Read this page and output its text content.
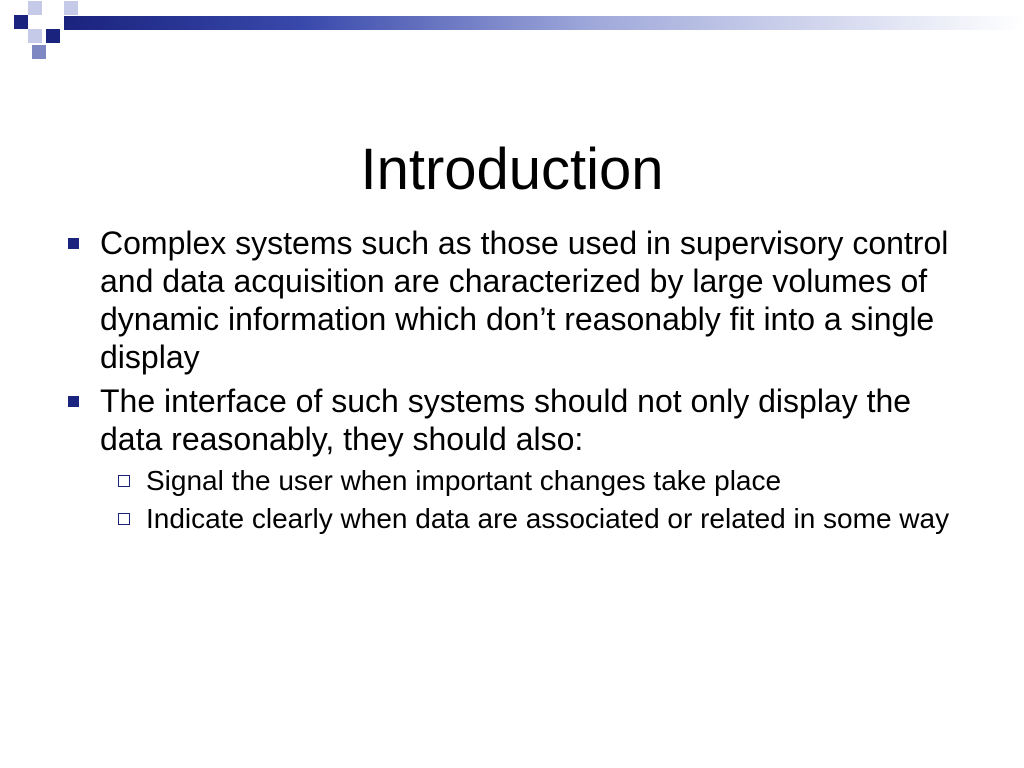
Introduction
Complex systems such as those used in supervisory control and data acquisition are characterized by large volumes of dynamic information which don’t reasonably fit into a single display
The interface of such systems should not only display the data reasonably, they should also:
Signal the user when important changes take place
Indicate clearly when data are associated or related in some way
